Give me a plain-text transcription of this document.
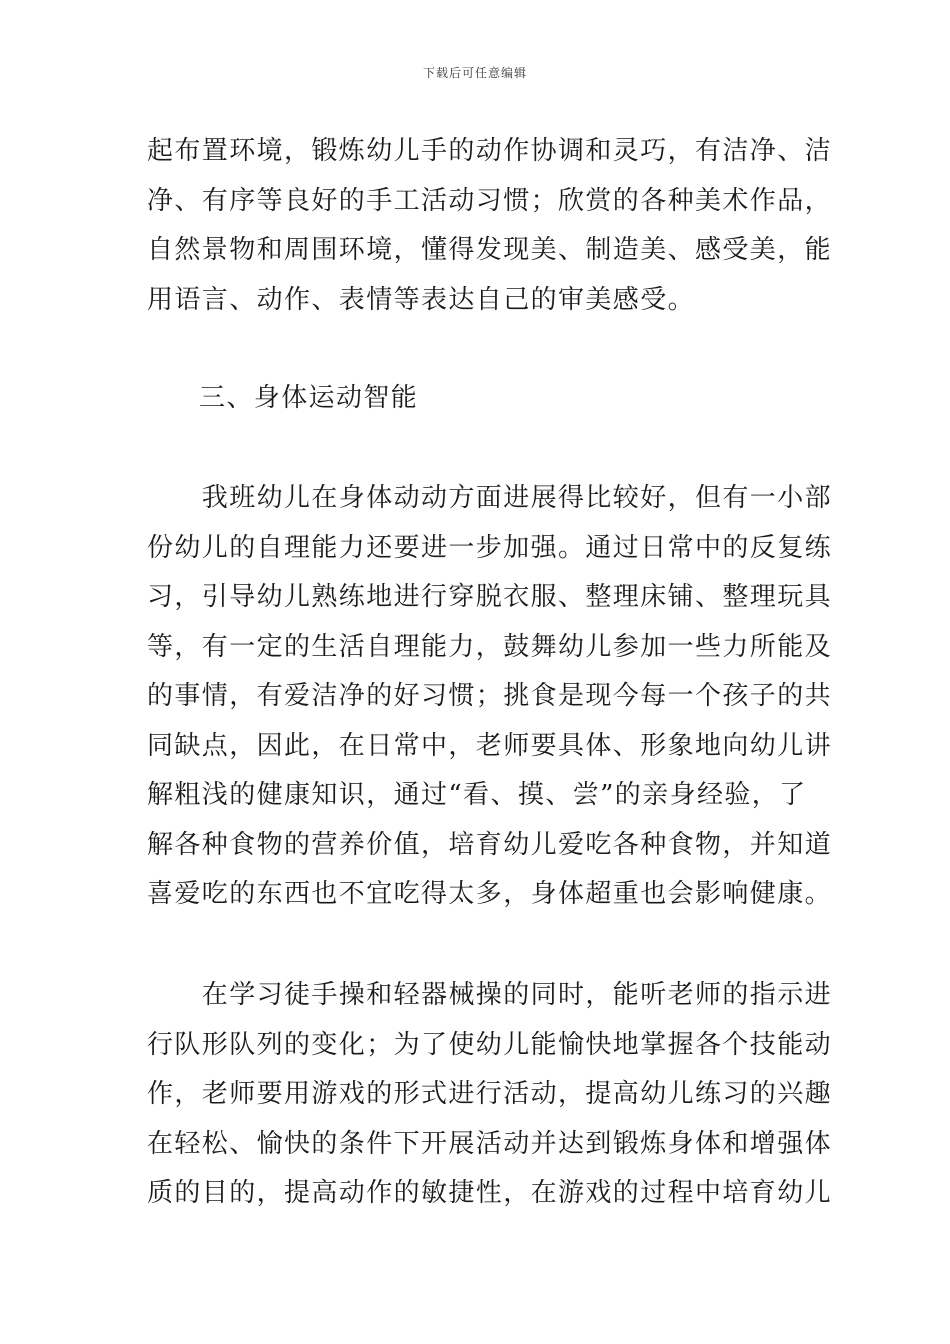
下载后可任意编辑
起布置环境，锻炼幼儿手的动作协调和灵巧，有洁净、洁
净、有序等良好的手工活动习惯；欣赏的各种美术作品，
自然景物和周围环境，懂得发现美、制造美、感受美，能
用语言、动作、表情等表达自己的审美感受。
三、身体运动智能
　　我班幼儿在身体动动方面进展得比较好，但有一小部
份幼儿的自理能力还要进一步加强。通过日常中的反复练
习，引导幼儿熟练地进行穿脱衣服、整理床铺、整理玩具
等，有一定的生活自理能力，鼓舞幼儿参加一些力所能及
的事情，有爱洁净的好习惯；挑食是现今每一个孩子的共
同缺点，因此，在日常中，老师要具体、形象地向幼儿讲
解粗浅的健康知识，通过“看、摸、尝”的亲身经验，了
解各种食物的营养价值，培育幼儿爱吃各种食物，并知道
喜爱吃的东西也不宜吃得太多，身体超重也会影响健康。
　　在学习徒手操和轻器械操的同时，能听老师的指示进
行队形队列的变化；为了使幼儿能愉快地掌握各个技能动
作，老师要用游戏的形式进行活动，提高幼儿练习的兴趣
在轻松、愉快的条件下开展活动并达到锻炼身体和增强体
质的目的，提高动作的敏捷性，在游戏的过程中培育幼儿
